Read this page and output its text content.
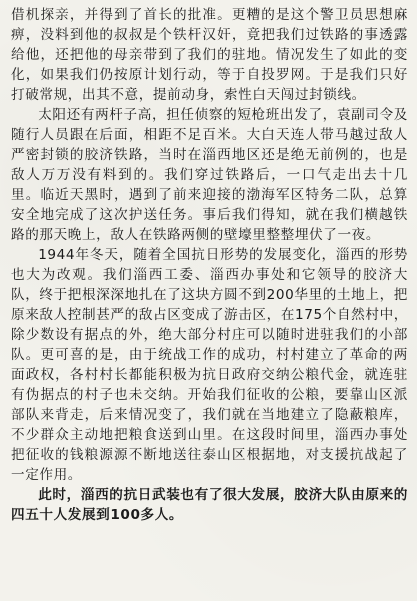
借机探亲，并得到了首长的批准。更糟的是这个警卫员思想麻痹，没料到他的叔叔是个铁杆汉奸，竟把我们过铁路的事透露给他，还把他的母亲带到了我们的驻地。情况发生了如此的变化，如果我们仍按原计划行动，等于自投罗网。于是我们只好打破常规，出其不意，提前动身，索性白天闯过封锁线。

太阳还有两杆子高，担任侦察的短枪班出发了，袁副司令及随行人员跟在后面，相距不足百米。大白天连人带马越过敌人严密封锁的胶济铁路，当时在淄西地区还是绝无前例的，也是敌人万万没有料到的。我们穿过铁路后，一口气走出去十几里。临近天黑时，遇到了前来迎接的渤海军区特务二队，总算安全地完成了这次护送任务。事后我们得知，就在我们横越铁路的那天晚上，敌人在铁路两侧的壁壕里整整埋伏了一夜。

1944年冬天，随着全国抗日形势的发展变化，淄西的形势也大为改观。我们淄西工委、淄西办事处和它领导的胶济大队，终于把根深深地扎在了这块方圆不到200华里的土地上，把原来敌人控制甚严的敌占区变成了游击区，在175个自然村中，除少数设有据点的外，绝大部分村庄可以随时进驻我们的小部队。更可喜的是，由于统战工作的成功，村村建立了革命的两面政权，各村村长都能积极为抗日政府交纳公粮代金，就连驻有伪据点的村子也未交纳。开始我们征收的公粮，要靠山区派部队来背走，后来情况变了，我们就在当地建立了隐蔽粮库，不少群众主动地把粮食送到山里。在这段时间里，淄西办事处把征收的钱粮源源不断地送往泰山区根据地，对支援抗战起了一定作用。

此时，淄西的抗日武装也有了很大发展，胶济大队由原来的四五十人发展到100多人。
